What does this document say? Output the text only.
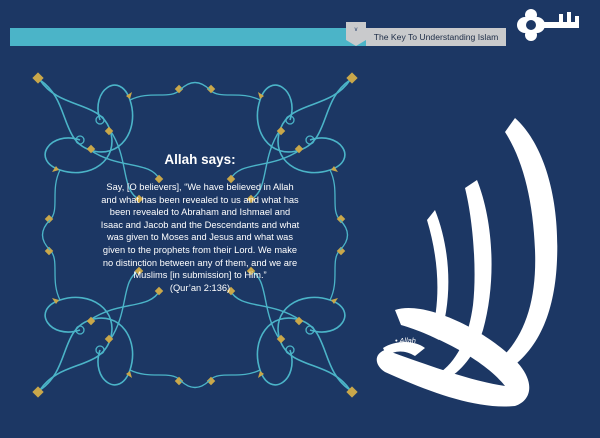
v
The Key To Understanding Islam

Allah says:

Say, [O believers], “We have believed in Allah and what has been revealed to us and what has been revealed to Abraham and Ishmael and Isaac and Jacob and the Descendants and what was given to Moses and Jesus and what was given to the prophets from their Lord. We make no distinction between any of them, and we are Muslims [in submission] to Him.”

(Qur’an 2:136)

• Allah
